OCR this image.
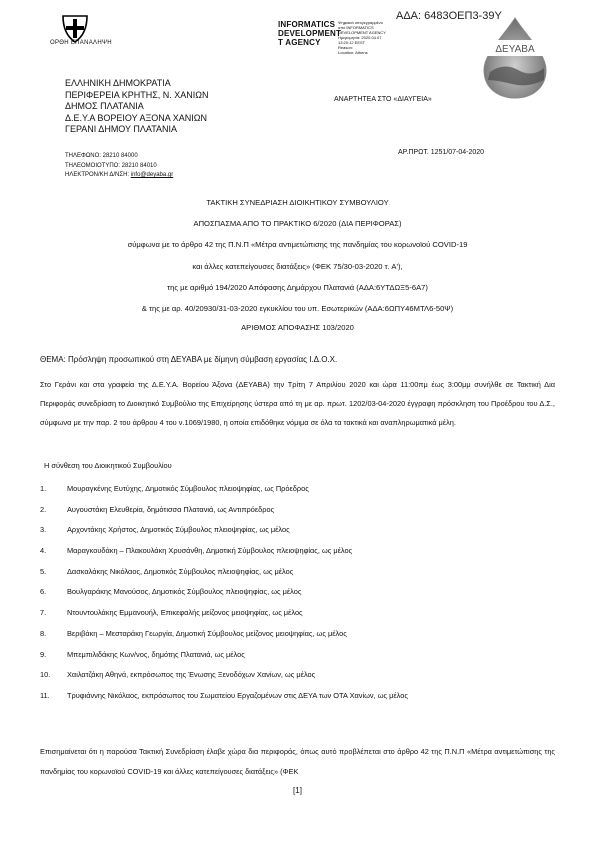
ΑΔΑ: 6483ΟΕΠ3-39Υ
ΟΡΘΗ ΕΠΑΝΑΛΗΨΗ
INFORMATICS
DEVELOPMENT
T AGENCY
Ψηφιακά υπογεγραμμένο
από INFORMATICS
DEVELOPMENT AGENCY
Ημερομηνία: 2020.04.07
13:20:12 EEST
Reason:
Location: Athens	ΔΕΥΑΒΑ
ΕΛΛΗΝΙΚΗ ΔΗΜΟΚΡΑΤΙΑ
ΠΕΡΙΦΕΡΕΙΑ ΚΡΗΤΗΣ, Ν. ΧΑΝΙΩΝ
ΔΗΜΟΣ ΠΛΑΤΑΝΙΑ
Δ.Ε.Υ.Α ΒΟΡΕΙΟΥ ΑΞΟΝΑ ΧΑΝΙΩΝ
ΓΕΡΑΝΙ ΔΗΜΟΥ ΠΛΑΤΑΝΙΑ
ΤΗΛΕΦΩΝΟ: 28210 84000
ΤΗΛΕΟΜΟΙΟΤΥΠΟ: 28210 84010
ΗΛΕΚΤΡΟΝ/ΚΗ Δ/ΝΣΗ: info@deyaba.gr
ΑΝΑΡΤΗΤΕΑ ΣΤΟ «ΔΙΑΥΓΕΙΑ»
ΑΡ.ΠΡΩΤ. 1251/07-04-2020
ΤΑΚΤΙΚΗ ΣΥΝΕΔΡΙΑΣΗ ΔΙΟΙΚΗΤΙΚΟΥ ΣΥΜΒΟΥΛΙΟΥ
ΑΠΟΣΠΑΣΜΑ ΑΠΟ ΤΟ ΠΡΑΚΤΙΚΟ 6/2020 (ΔΙΑ ΠΕΡΙΦΟΡΑΣ)
σύμφωνα με το άρθρο 42 της Π.Ν.Π «Μέτρα αντιμετώπισης της πανδημίας του κορωνοϊού COVID-19
και άλλες κατεπείγουσες διατάξεις» (ΦΕΚ 75/30-03-2020 τ. Α'),
της με αριθμό 194/2020 Απόφασης Δημάρχου Πλατανιά (ΑΔΑ:6ΥΤΔΩΞ5-6Α7)
& της με αρ. 40/20930/31-03-2020 εγκυκλίου του υπ. Εσωτερικών (ΑΔΑ:6ΩΠΥ46ΜΤΛ6-50Ψ)
ΑΡΙΘΜΟΣ ΑΠΟΦΑΣΗΣ 103/2020
ΘΕΜΑ: Πρόσληψη προσωπικού στη ΔΕΥΑΒΑ με δίμηνη σύμβαση εργασίας Ι.Δ.Ο.Χ.
Στο Γεράνι και στα γραφεία της Δ.Ε.Υ.Α. Βορείου Άξονα (ΔΕΥΑΒΑ) την Τρίτη 7 Απριλίου 2020 και ώρα 11:00πμ έως 3:00μμ συνήλθε σε Τακτική Δια Περιφοράς συνεδρίαση το Διοικητικό Συμβούλιο της Επιχείρησης ύστερα από τη με αρ. πρωτ. 1202/03-04-2020 έγγραφη πρόσκληση του Προέδρου του Δ.Σ., σύμφωνα με την παρ. 2 του άρθρου 4 του ν.1069/1980, η οποία επιδόθηκε νόμιμα σε όλα τα τακτικά και αναπληρωματικά μέλη.
Η σύνθεση του Διοικητικού Συμβουλίου
1.	Μουραγκένης Ευτύχης, Δημοτικός Σύμβουλος πλειοψηφίας, ως Πρόεδρος
2.	Αυγουστάκη Ελευθερία, δημότισσα Πλατανιά, ως Αντιπρόεδρος
3.	Αρχοντάκης Χρήστος, Δημοτικός Σύμβουλος πλειοψηφίας, ως μέλος
4.	Μαραγκουδάκη – Πλακουλάκη Χρυσάνθη, Δημοτική Σύμβουλος πλειοψηφίας, ως μέλος
5.	Δασκαλάκης Νικόλαος, Δημοτικός Σύμβουλος πλειοψηφίας, ως μέλος
6.	Βουλγαράκης Μανούσος, Δημοτικός Σύμβουλος πλειοψηφίας, ως μέλος
7.	Ντουντουλάκης Εμμανουήλ, Επικεφαλής μείζονος μειοψηφίας, ως μέλος
8.	Βεριβάκη – Μεσταράκη Γεωργία, Δημοτική Σύμβουλος μείζονος μειοψηφίας, ως μέλος
9.	Μπεμπιλιδάκης Κων/νος, δημότης Πλατανιά, ως μέλος
10.	Χαιλατζάκη Αθηνά, εκπρόσωπος της Ένωσης Ξενοδόχων Χανίων, ως μέλος
11.	Τρυφιάννης Νικόλαος, εκπρόσωπος του Σωματείου Εργαζομένων στις ΔΕΥΑ των ΟΤΑ Χανίων, ως μέλος
Επισημαίνεται ότι η παρούσα Τακτική Συνεδρίαση έλαβε χώρα δια περιφοράς, όπως αυτό προβλέπεται στο άρθρο 42 της Π.Ν.Π «Μέτρα αντιμετώπισης της πανδημίας του κορωνοϊού COVID-19 και άλλες κατεπείγουσες διατάξεις» (ΦΕΚ
[1]
